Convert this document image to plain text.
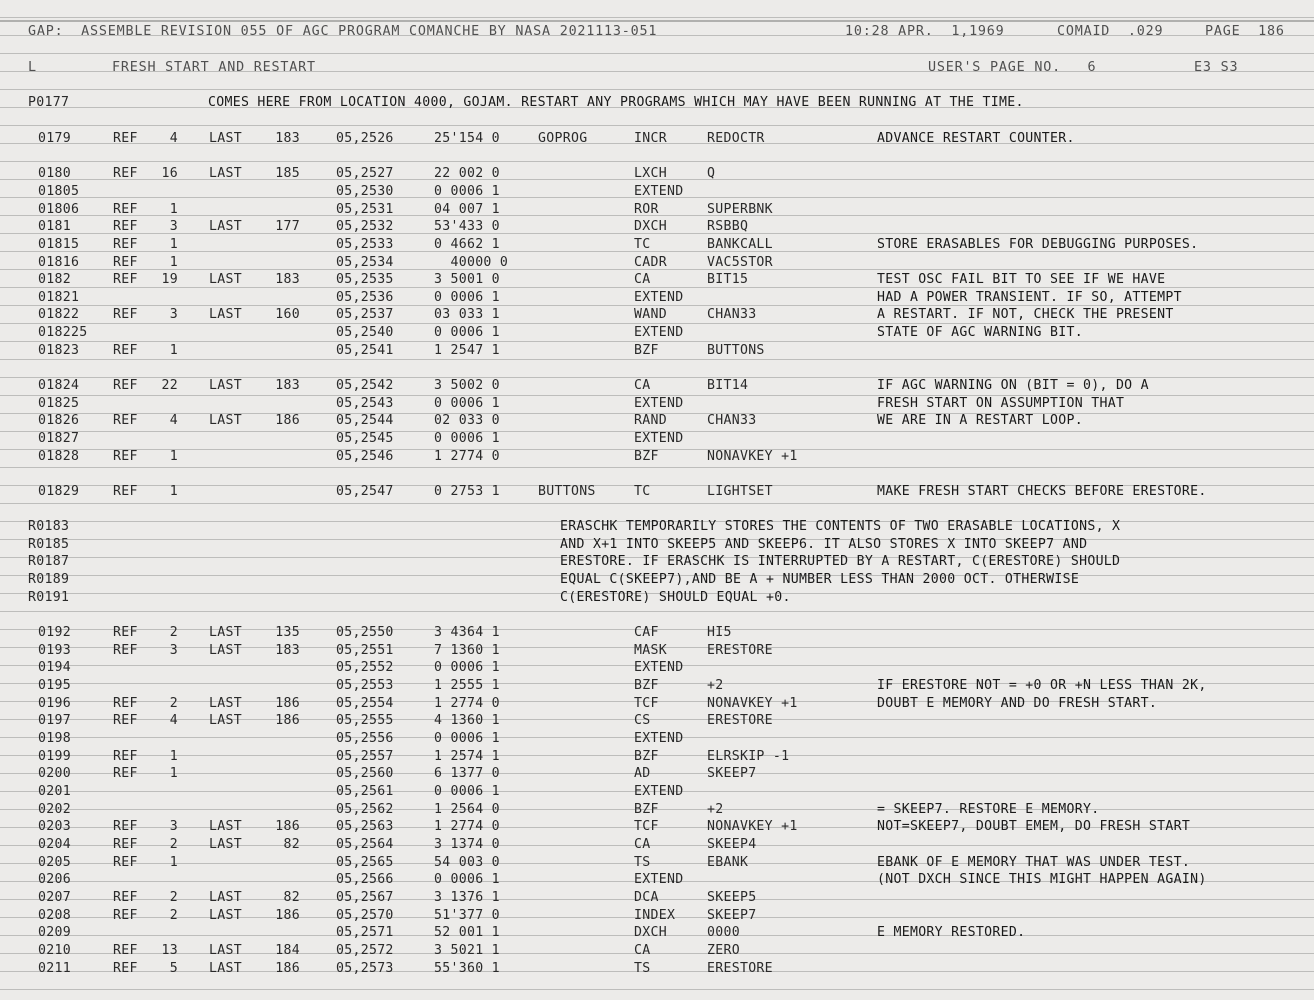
GAP:  ASSEMBLE REVISION 055 OF AGC PROGRAM COMANCHE BY NASA 2021113-051	10:28 APR.  1,1969	COMAID  .029	PAGE  186
L	FRESH START AND RESTART	USER'S PAGE NO.   6	E3 S3
P0177	COMES HERE FROM LOCATION 4000, GOJAM. RESTART ANY PROGRAMS WHICH MAY HAVE BEEN RUNNING AT THE TIME.
0179	REF	4 LAST	183	05,2526	25'154 0	GOPROG	INCR	REDOCTR	ADVANCE RESTART COUNTER.
0180	REF	16 LAST	185	05,2527	22 002 0	LXCH	Q
01805	05,2530	0 0006 1	EXTEND
01806	REF	1	05,2531	04 007 1	ROR	SUPERBNK
0181	REF	3 LAST	177	05,2532	53'433 0	DXCH	RSBBQ
01815	REF	1	05,2533	0 4662 1	TC	BANKCALL	STORE ERASABLES FOR DEBUGGING PURPOSES.
01816	REF	1	05,2534	40000 0	CADR	VAC5STOR
0182	REF	19 LAST	183	05,2535	3 5001 0	CA	BIT15	TEST OSC FAIL BIT TO SEE IF WE HAVE
01821	05,2536	0 0006 1	EXTEND	HAD A POWER TRANSIENT. IF SO, ATTEMPT
01822	REF	3 LAST	160	05,2537	03 033 1	WAND	CHAN33	A RESTART. IF NOT, CHECK THE PRESENT
018225	05,2540	0 0006 1	EXTEND	STATE OF AGC WARNING BIT.
01823	REF	1	05,2541	1 2547 1	BZF	BUTTONS
01824	REF	22 LAST	183	05,2542	3 5002 0	CA	BIT14	IF AGC WARNING ON (BIT = 0), DO A
01825	05,2543	0 0006 1	EXTEND	FRESH START ON ASSUMPTION THAT
01826	REF	4 LAST	186	05,2544	02 033 0	RAND	CHAN33	WE ARE IN A RESTART LOOP.
01827	05,2545	0 0006 1	EXTEND
01828	REF	1	05,2546	1 2774 0	BZF	NONAVKEY +1
01829	REF	1	05,2547	0 2753 1	BUTTONS	TC	LIGHTSET	MAKE FRESH START CHECKS BEFORE ERESTORE.
R0183	ERASCHK TEMPORARILY STORES THE CONTENTS OF TWO ERASABLE LOCATIONS, X
R0185	AND X+1 INTO SKEEP5 AND SKEEP6. IT ALSO STORES X INTO SKEEP7 AND
R0187	ERESTORE. IF ERASCHK IS INTERRUPTED BY A RESTART, C(ERESTORE) SHOULD
R0189	EQUAL C(SKEEP7),AND BE A + NUMBER LESS THAN 2000 OCT. OTHERWISE
R0191	C(ERESTORE) SHOULD EQUAL +0.
0192	REF	2 LAST	135	05,2550	3 4364 1	CAF	HI5
0193	REF	3 LAST	183	05,2551	7 1360 1	MASK	ERESTORE
0194	05,2552	0 0006 1	EXTEND
0195	05,2553	1 2555 1	BZF	+2	IF ERESTORE NOT = +0 OR +N LESS THAN 2K,
0196	REF	2 LAST	186	05,2554	1 2774 0	TCF	NONAVKEY +1	DOUBT E MEMORY AND DO FRESH START.
0197	REF	4 LAST	186	05,2555	4 1360 1	CS	ERESTORE
0198	05,2556	0 0006 1	EXTEND
0199	REF	1	05,2557	1 2574 1	BZF	ELRSKIP -1
0200	REF	1	05,2560	6 1377 0	AD	SKEEP7
0201	05,2561	0 0006 1	EXTEND
0202	05,2562	1 2564 0	BZF	+2	= SKEEP7. RESTORE E MEMORY.
0203	REF	3 LAST	186	05,2563	1 2774 0	TCF	NONAVKEY +1	NOT=SKEEP7, DOUBT EMEM, DO FRESH START
0204	REF	2 LAST	82	05,2564	3 1374 0	CA	SKEEP4
0205	REF	1	05,2565	54 003 0	TS	EBANK	EBANK OF E MEMORY THAT WAS UNDER TEST.
0206	05,2566	0 0006 1	EXTEND	(NOT DXCH SINCE THIS MIGHT HAPPEN AGAIN)
0207	REF	2 LAST	82	05,2567	3 1376 1	DCA	SKEEP5
0208	REF	2 LAST	186	05,2570	51'377 0	INDEX SKEEP7
0209	05,2571	52 001 1	DXCH	0000	E MEMORY RESTORED.
0210	REF	13 LAST	184	05,2572	3 5021 1	CA	ZERO
0211	REF	5 LAST	186	05,2573	55'360 1	TS	ERESTORE
